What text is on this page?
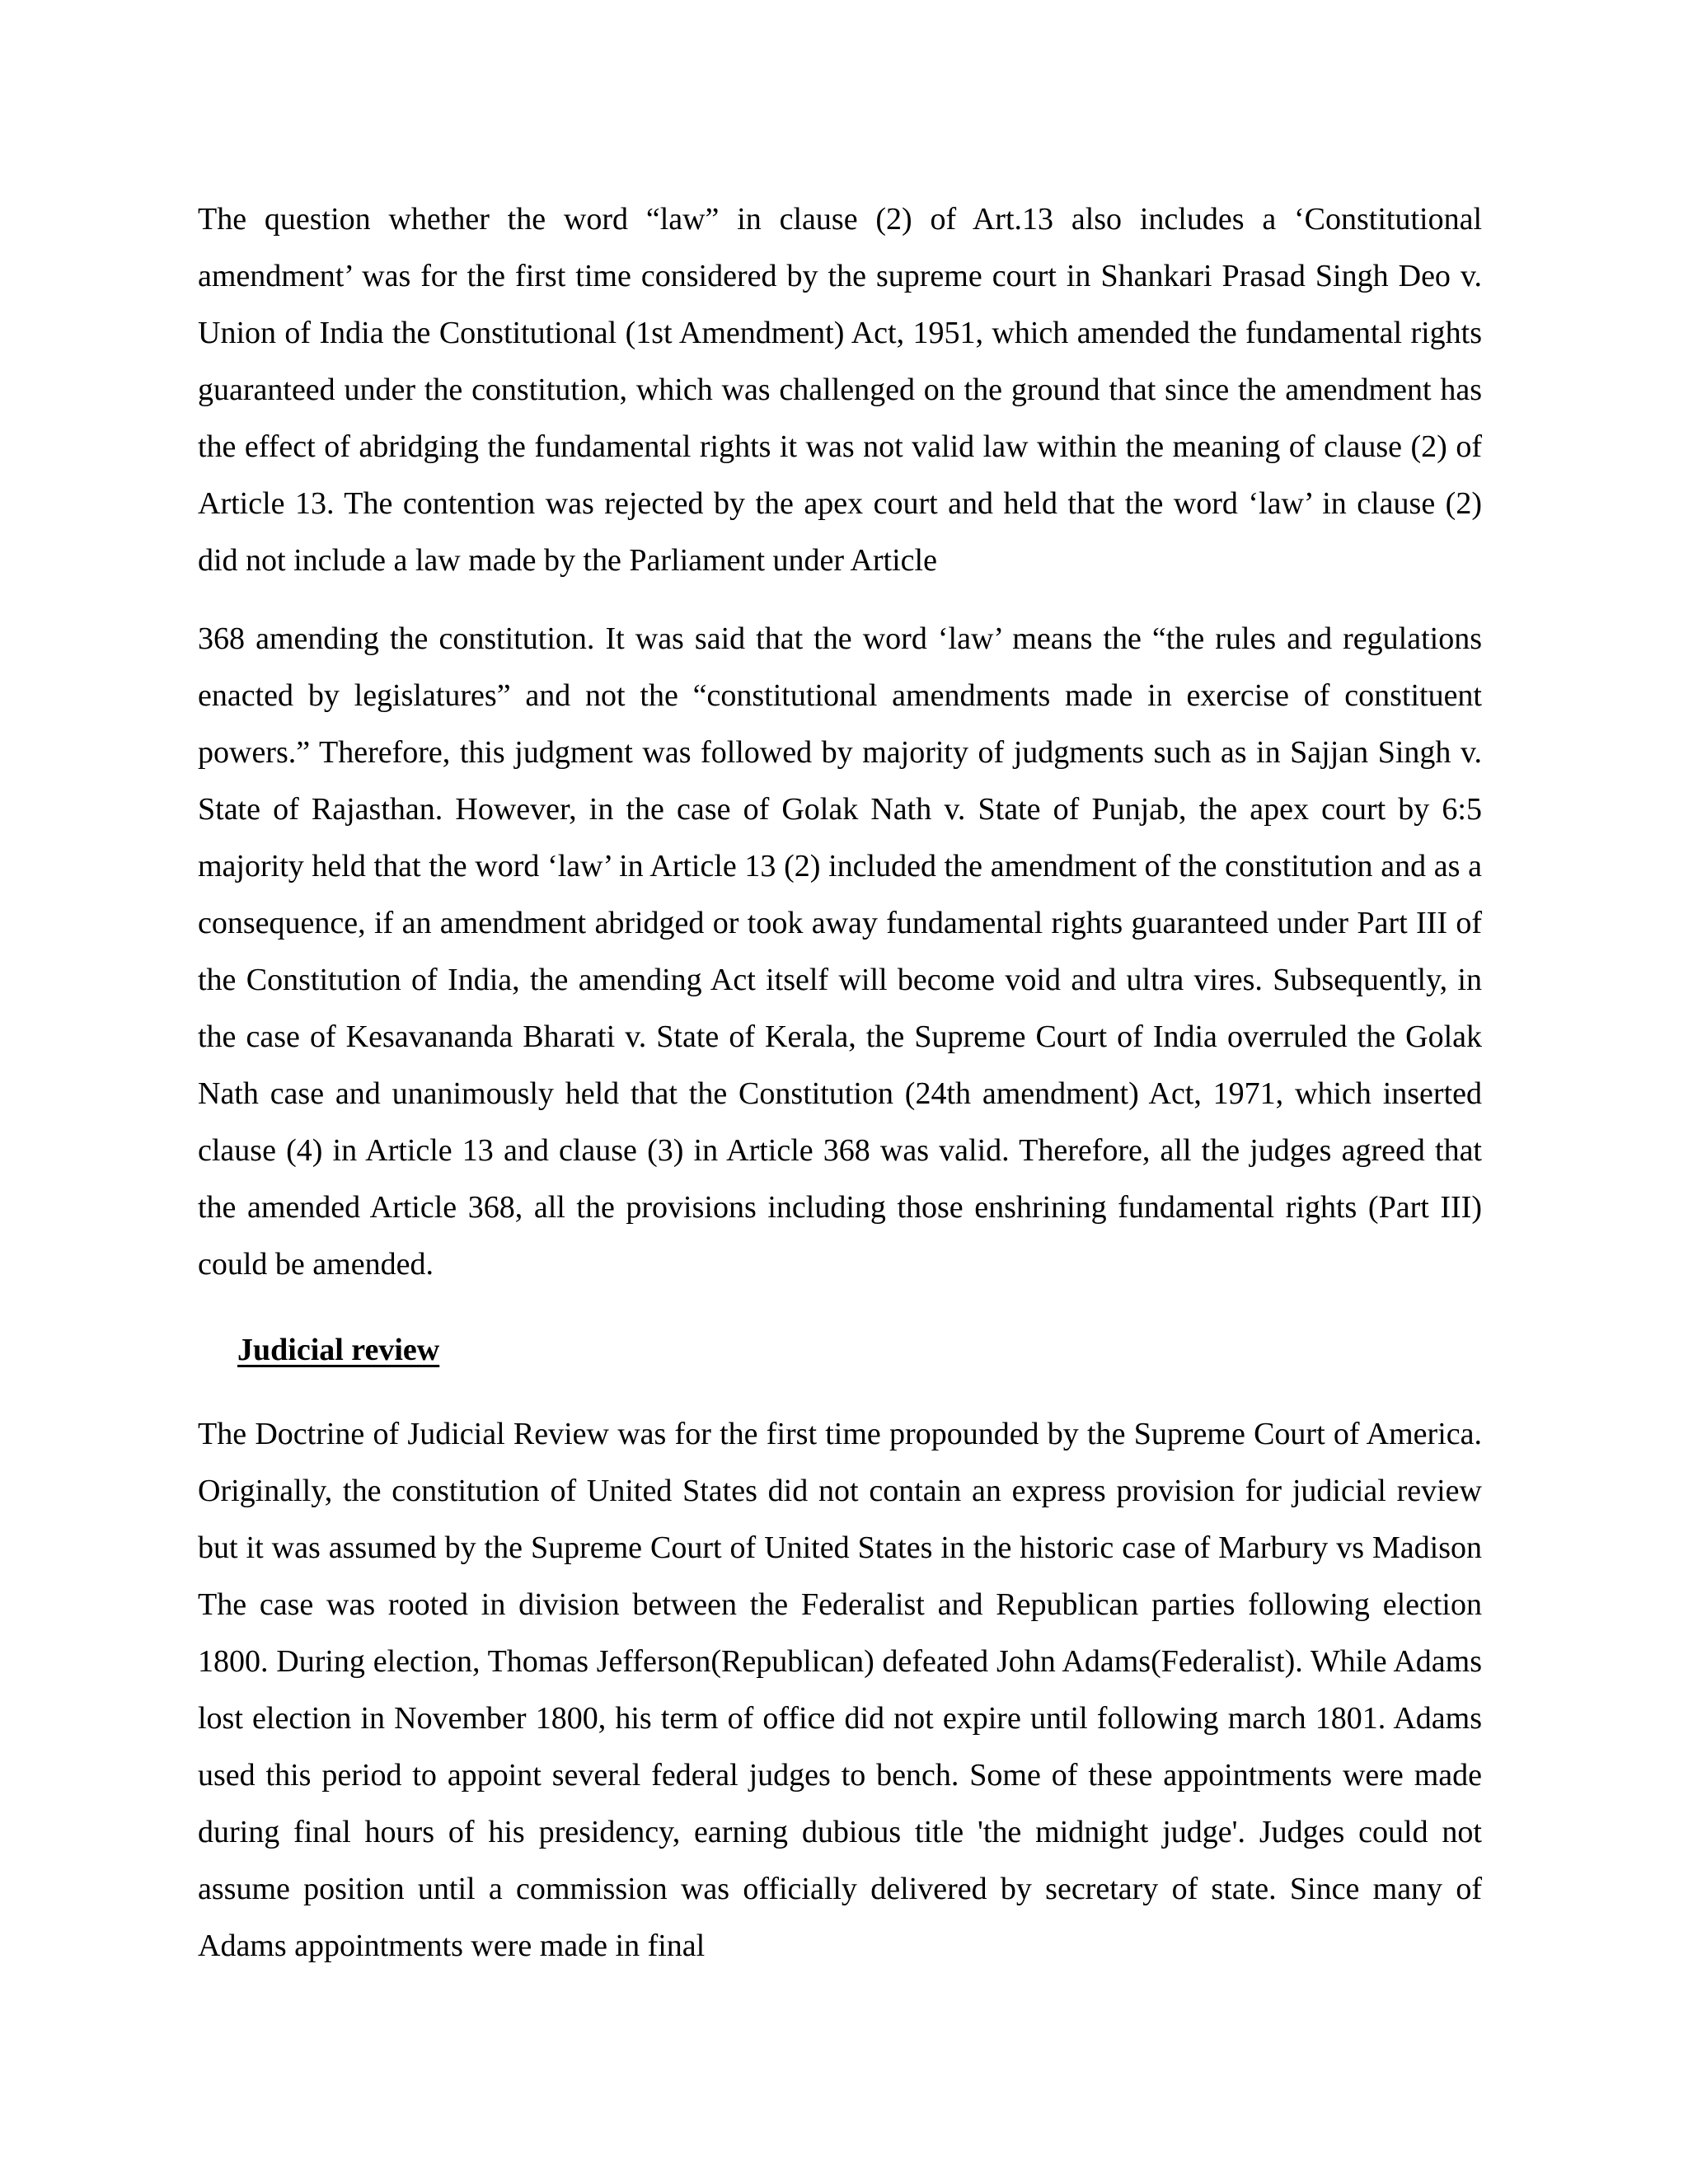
The question whether the word “law” in clause (2) of Art.13 also includes a ‘Constitutional amendment’ was for the first time considered by the supreme court in Shankari Prasad Singh Deo v. Union of India the Constitutional (1st Amendment) Act, 1951, which amended the fundamental rights guaranteed under the constitution, which was challenged on the ground that since the amendment has the effect of abridging the fundamental rights it was not valid law within the meaning of clause (2) of Article 13. The contention was rejected by the apex court and held that the word ‘law’ in clause (2) did not include a law made by the Parliament under Article

368 amending the constitution. It was said that the word ‘law’ means the “the rules and regulations enacted by legislatures” and not the “constitutional amendments made in exercise of constituent powers.” Therefore, this judgment was followed by majority of judgments such as in Sajjan Singh v. State of Rajasthan. However, in the case of Golak Nath v. State of Punjab, the apex court by 6:5 majority held that the word ‘law’ in Article 13 (2) included the amendment of the constitution and as a consequence, if an amendment abridged or took away fundamental rights guaranteed under Part III of the Constitution of India, the amending Act itself will become void and ultra vires. Subsequently, in the case of Kesavananda Bharati v. State of Kerala, the Supreme Court of India overruled the Golak Nath case and unanimously held that the Constitution (24th amendment) Act, 1971, which inserted clause (4) in Article 13 and clause (3) in Article 368 was valid. Therefore, all the judges agreed that the amended Article 368, all the provisions including those enshrining fundamental rights (Part III) could be amended.

Judicial review

The Doctrine of Judicial Review was for the first time propounded by the Supreme Court of America. Originally, the constitution of United States did not contain an express provision for judicial review but it was assumed by the Supreme Court of United States in the historic case of Marbury vs Madison The case was rooted in division between the Federalist and Republican parties following election 1800. During election, Thomas Jefferson(Republican) defeated John Adams(Federalist). While Adams lost election in November 1800, his term of office did not expire until following march 1801. Adams used this period to appoint several federal judges to bench. Some of these appointments were made during final hours of his presidency, earning dubious title 'the midnight judge'. Judges could not assume position until a commission was officially delivered by secretary of state. Since many of Adams appointments were made in final
